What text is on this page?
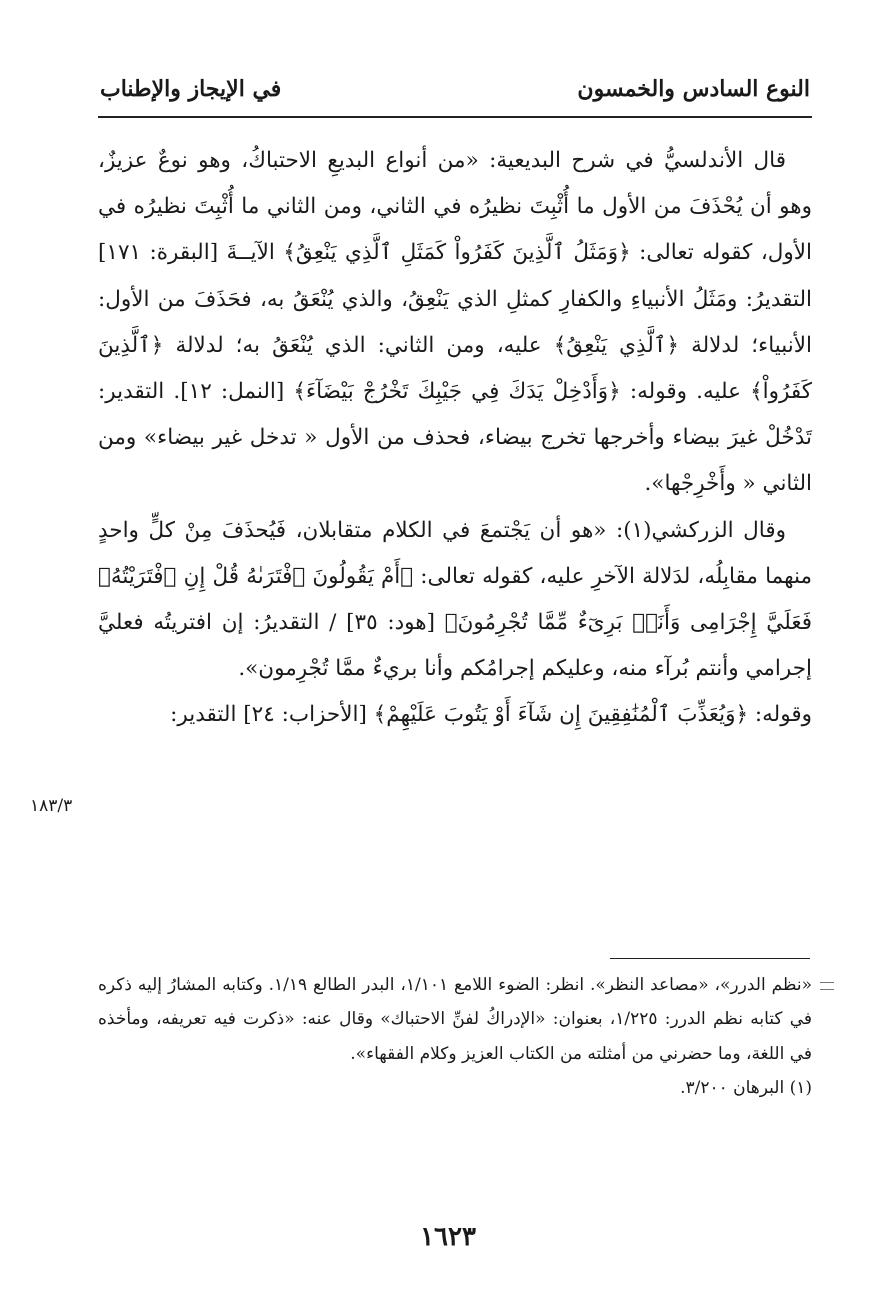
النوع السادس والخمسون
في الإيجاز والإطناب

قال الأندلسيُّ في شرح البديعية: «من أنواع البديعِ الاحتباكُ، وهو نوعٌ عزيزٌ، وهو أن يُحْذَفَ من الأول ما أُثْبِتَ نظيرُه في الثاني، ومن الثاني ما أُثْبِتَ نظيرُه في الأول، كقوله تعالى: ﴿وَمَثَلُ ٱلَّذِينَ كَفَرُواْ كَمَثَلِ ٱلَّذِي يَنْعِقُ﴾ الآيــةَ [البقرة: ١٧١] التقديرُ: ومَثَلُ الأنبياءِ والكفارِ كمثلِ الذي يَنْعِقُ، والذي يُنْعَقُ به، فحَذَفَ من الأول: الأنبياء؛ لدلالة ﴿ٱلَّذِي يَنْعِقُ﴾ عليه، ومن الثاني: الذي يُنْعَقُ به؛ لدلالة ﴿ٱلَّذِينَ كَفَرُواْ﴾ عليه. وقوله: ﴿وَأَدْخِلْ يَدَكَ فِي جَيْبِكَ تَخْرُجْ بَيْضَآءَ﴾ [النمل: ١٢]. التقدير: تَدْخُلْ غيرَ بيضاء وأخرجها تخرج بيضاء، فحذف من الأول « تدخل غير بيضاء» ومن الثاني « وأَخْرِجْها».

وقال الزركشي(١): «هو أن يَجْتمعَ في الكلام متقابلان، فَيُحذَفَ مِنْ كلٍّ واحدٍ منهما مقابِلُه، لدَلالة الآخرِ عليه، كقوله تعالى: ﴿أَمْ يَقُولُونَ ٱفْتَرَىٰهُ قُلْ إِنِ ٱفْتَرَيْتُهُۥ فَعَلَيَّ إِجْرَامِى وَأَنَا۠ بَرِىٓءٌ مِّمَّا تُجْرِمُونَ﴾ [هود: ٣٥] / التقديرُ: إن افتريتُه فعليَّ إجرامي وأنتم بُرآء منه، وعليكم إجرامُكم وأنا بريءٌ ممَّا تُجْرِمون».

وقوله: ﴿وَيُعَذِّبَ ٱلْمُنَٰفِقِينَ إِن شَآءَ أَوْ يَتُوبَ عَلَيْهِمْ﴾ [الأحزاب: ٢٤] التقدير:

١٨٣/٣

«نظم الدرر»، «مصاعد النظر». انظر: الضوء اللامع ١/١٠١، البدر الطالع ١/١٩. وكتابه المشارُ إليه ذكره في كتابه نظم الدرر: ١/٢٢٥، بعنوان: «الإدراكُ لفنِّ الاحتباك» وقال عنه: «ذكرت فيه تعريفه، ومأخذه في اللغة، وما حضرني من أمثلته من الكتاب العزيز وكلام الفقهاء».

(١) البرهان ٣/٢٠٠.

١٦٢٣
